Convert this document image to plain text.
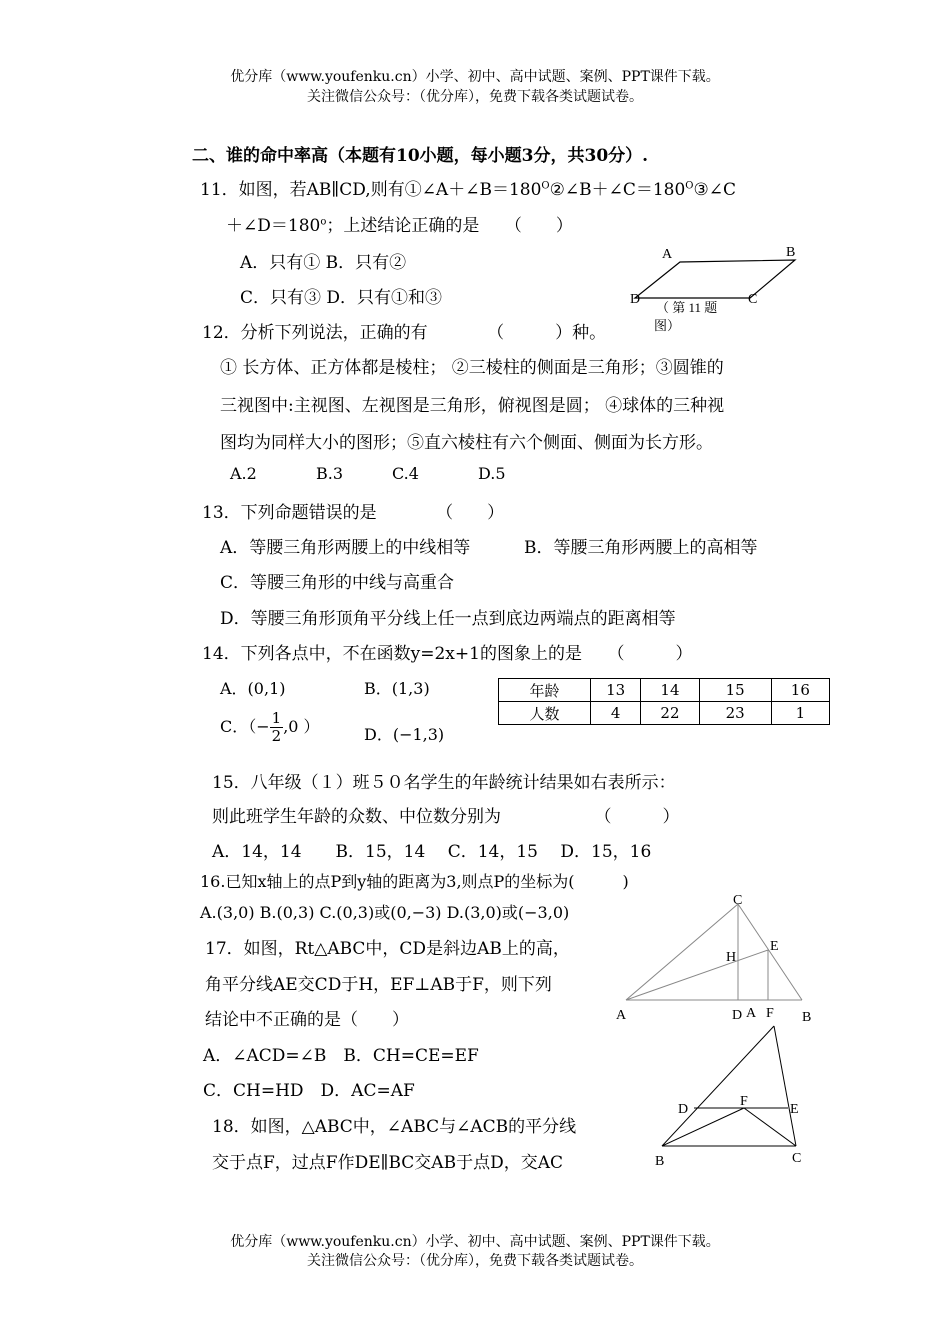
优分库（www.youfenku.cn）小学、初中、高中试题、案例、PPT课件下载。
关注微信公众号：（优分库），免费下载各类试题试卷。
二、谁的命中率高（本题有10小题，每小题3分，共30分）.
11．如图，若AB∥CD,则有$①\angle A+\angle B=180^O②\angle B+\angle C=180^O③\angle C$
$+\angle D=180^o$；上述结论正确的是　　（　　）
A．只有① B．只有②
C．只有③ D．只有①和③
A	B
C
D
（ 第 11 题
图）
12．分析下列说法，正确的有　　　　（　　　）种。
① 长方体、正方体都是棱柱； ②三棱柱的侧面是三角形；③圆锥的
三视图中:主视图、左视图是三角形，俯视图是圆； ④球体的三种视
图均为同样大小的图形；⑤直六棱柱有六个侧面、侧面为长方形。
A.2	B.3	C.4	D.5
13．下列命题错误的是　　　　（　　）
A．等腰三角形两腰上的中线相等	B．等腰三角形两腰上的高相等
C．等腰三角形的中线与高重合
D．等腰三角形顶角平分线上任一点到底边两端点的距离相等
14．下列各点中，不在函数y=2x+1的图象上的是　　（　　　）
A．(0,1)	B．(1,3)
C．（− $\frac{1}{2} ,0$ ）	D．(−1,3)
年龄	13	14	15	16
人数	4	22	23	1
15．八年级（１）班５０名学生的年龄统计结果如右表所示：
则此班学生年龄的众数、中位数分别为　　　　　　（　　　）
A．14，14　　B．15，14　 C．14，15　 D．15，16
16.已知x轴上的点P到y轴的距离为3,则点P的坐标为(　　　)
A.(3,0) B.(0,3) C.(0,3)或(0,−3) D.(3,0)或(−3,0)
C
H
E
A	D A F B
17．如图，Rt△ABC中，CD是斜边AB上的高，
角平分线AE交CD于H，EF⊥AB于F，则下列
结论中不正确的是（　　）
A．∠ACD=∠B　B．CH=CE=EF
C．CH=HD　D．AC=AF
D
F
E
B	C
18．如图，△ABC中，∠ABC与∠ACB的平分线
交于点F，过点F作DE∥BC交AB于点D，交AC
优分库（www.youfenku.cn）小学、初中、高中试题、案例、PPT课件下载。
关注微信公众号：（优分库），免费下载各类试题试卷。
